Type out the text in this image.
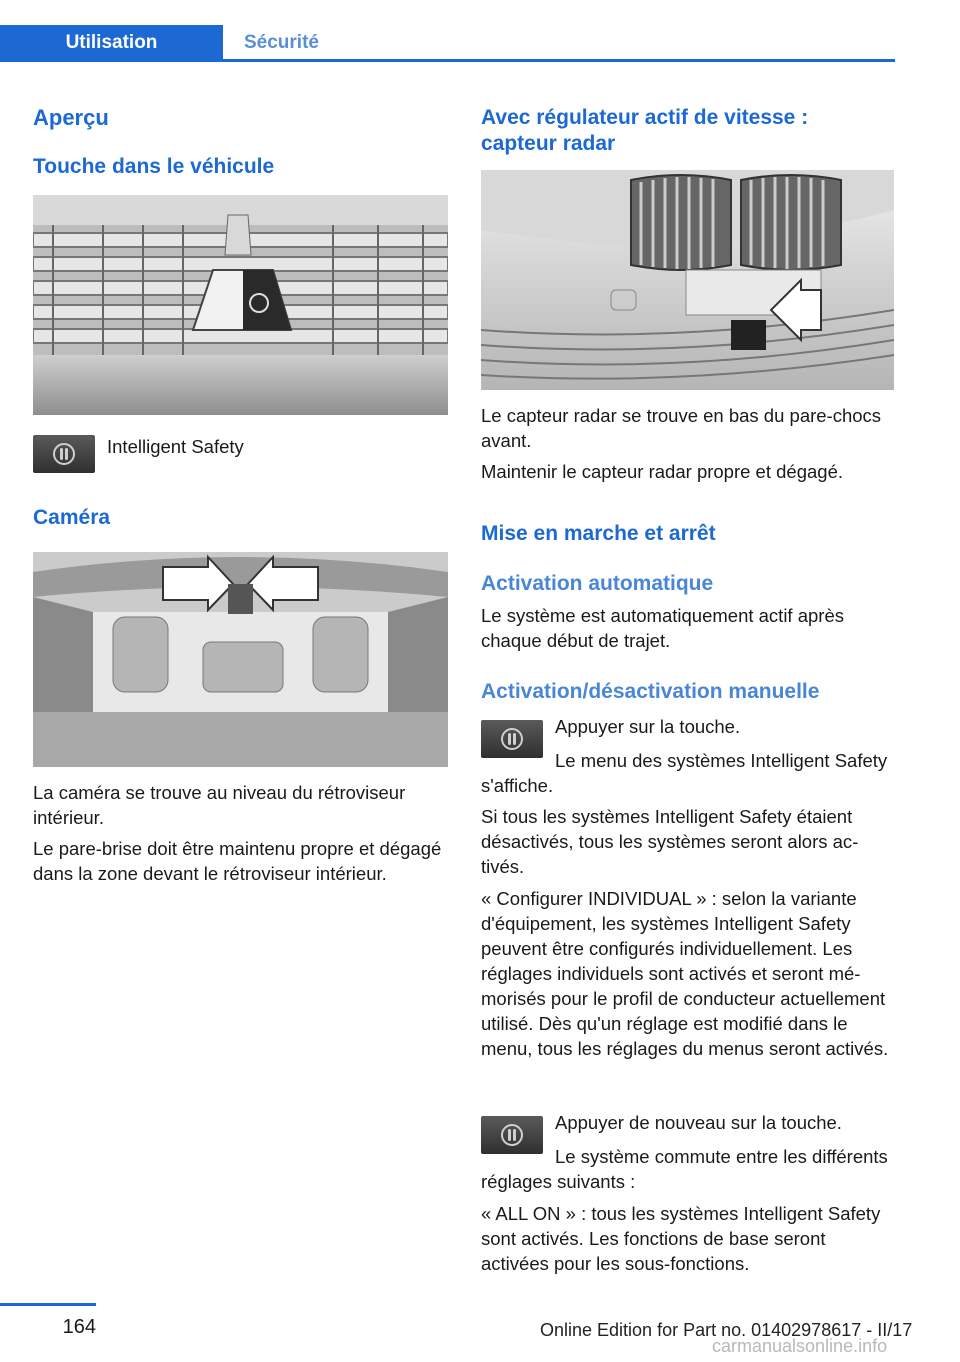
Utilisation	Sécurité
Aperçu
Touche dans le véhicule

Intelligent Safety

Caméra

La caméra se trouve au niveau du rétroviseur intérieur.

Le pare-brise doit être maintenu propre et dégagé dans la zone devant le rétroviseur intérieur.

Avec régulateur actif de vitesse : capteur radar

Le capteur radar se trouve en bas du pare-chocs avant.

Maintenir le capteur radar propre et dégagé.

Mise en marche et arrêt
Activation automatique

Le système est automatiquement actif après chaque début de trajet.

Activation/désactivation manuelle

Appuyer sur la touche.

Le menu des systèmes Intelligent Safety s'affiche.

Si tous les systèmes Intelligent Safety étaient désactivés, tous les systèmes seront alors activés.

« Configurer INDIVIDUAL » : selon la variante d'équipement, les systèmes Intelligent Safety peuvent être configurés individuellement. Les réglages individuels sont activés et seront mémorisés pour le profil de conducteur actuellement utilisé. Dès qu'un réglage est modifié dans le menu, tous les réglages du menus seront activés.

Appuyer de nouveau sur la touche.

Le système commute entre les différents réglages suivants :

« ALL ON » : tous les systèmes Intelligent Safety sont activés. Les fonctions de base seront activées pour les sous-fonctions.

164	Online Edition for Part no. 01402978617 - II/17
carmanualsonline.info
